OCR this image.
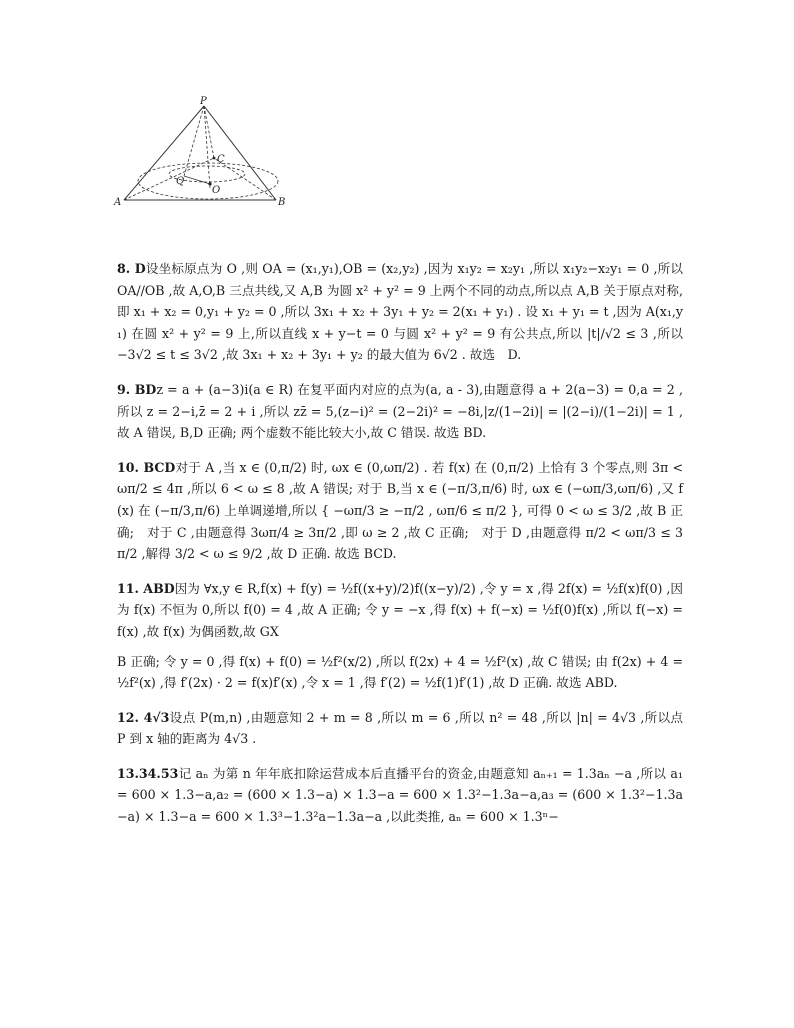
P
A	B
C
Q
O

8. D设坐标原点为 O ,则 OA = (x₁,y₁),OB = (x₂,y₂) ,因为 x₁y₂ = x₂y₁ ,所以 x₁y₂−x₂y₁ = 0 ,所以 OA//OB ,故 A,O,B 三点共线,又 A,B 为圆 x² + y² = 9 上两个不同的动点,所以点 A,B 关于原点对称,即 x₁ + x₂ = 0,y₁ + y₂ = 0 ,所以 3x₁ + x₂ + 3y₁ + y₂ = 2(x₁ + y₁) . 设 x₁ + y₁ = t ,因为 A(x₁,y₁) 在圆 x² + y² = 9 上,所以直线 x + y−t = 0 与圆 x² + y² = 9 有公共点,所以 |t|/√2 ≤ 3 ,所以 −3√2 ≤ t ≤ 3√2 ,故 3x₁ + x₂ + 3y₁ + y₂ 的最大值为 6√2 . 故选　D.

9. BDz = a + (a−3)i(a ∈ R) 在复平面内对应的点为(a, a - 3),由题意得 a + 2(a−3) = 0,a = 2 ,所以 z = 2−i,z̄ = 2 + i ,所以 zz̄ = 5,(z−i)² = (2−2i)² = −8i,|z/(1−2i)| = |(2−i)/(1−2i)| = 1 ,故 A 错误, B,D 正确; 两个虚数不能比较大小,故 C 错误. 故选 BD.

10. BCD对于 A ,当 x ∈ (0,π/2) 时, ωx ∈ (0,ωπ/2) . 若 f(x) 在 (0,π/2) 上恰有 3 个零点,则 3π < ωπ/2 ≤ 4π ,所以 6 < ω ≤ 8 ,故 A 错误; 对于 B,当 x ∈ (−π/3,π/6) 时, ωx ∈ (−ωπ/3,ωπ/6) ,又 f(x) 在 (−π/3,π/6) 上单调递增,所以 { −ωπ/3 ≥ −π/2 , ωπ/6 ≤ π/2 }, 可得 0 < ω ≤ 3/2 ,故 B 正确;　对于 C ,由题意得 3ωπ/4 ≥ 3π/2 ,即 ω ≥ 2 ,故 C 正确;　对于 D ,由题意得 π/2 < ωπ/3 ≤ 3π/2 ,解得 3/2 < ω ≤ 9/2 ,故 D 正确. 故选 BCD.

11. ABD因为 ∀x,y ∈ R,f(x) + f(y) = ½f((x+y)/2)f((x−y)/2) ,令 y = x ,得 2f(x) = ½f(x)f(0) ,因为 f(x) 不恒为 0,所以 f(0) = 4 ,故 A 正确; 令 y = −x ,得 f(x) + f(−x) = ½f(0)f(x) ,所以 f(−x) = f(x) ,故 f(x) 为偶函数,故 GX

B 正确; 令 y = 0 ,得 f(x) + f(0) = ½f²(x/2) ,所以 f(2x) + 4 = ½f²(x) ,故 C 错误; 由 f(2x) + 4 = ½f²(x) ,得 f′(2x) · 2 = f(x)f′(x) ,令 x = 1 ,得 f′(2) = ½f(1)f′(1) ,故 D 正确. 故选 ABD.

12. 4√3设点 P(m,n) ,由题意知 2 + m = 8 ,所以 m = 6 ,所以 n² = 48 ,所以 |n| = 4√3 ,所以点 P 到 x 轴的距离为 4√3 .

13.34.53记 aₙ 为第 n 年年底扣除运营成本后直播平台的资金,由题意知 aₙ₊₁ = 1.3aₙ −a ,所以 a₁ = 600 × 1.3−a,a₂ = (600 × 1.3−a) × 1.3−a = 600 × 1.3²−1.3a−a,a₃ = (600 × 1.3²−1.3a−a) × 1.3−a = 600 × 1.3³−1.3²a−1.3a−a ,以此类推, aₙ = 600 × 1.3ⁿ−
